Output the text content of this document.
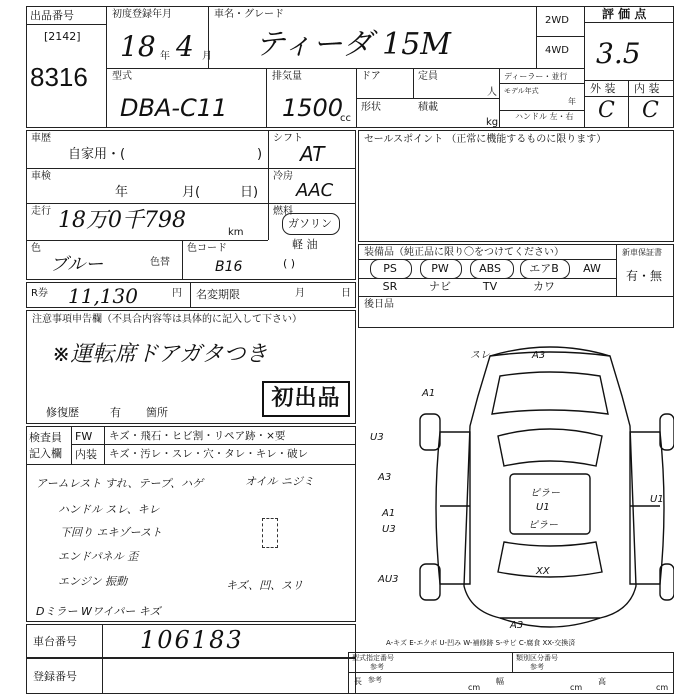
出品番号
[2142]
8316
初度登録年月
18 年 4 月
車名・グレード
ティーダ 15M
2WD
4WD
評 価 点
3.5
外 装 内 装
C C
型式
DBA-C11
排気量
1500
cc
ドア	定員
人
形状	積載
kg
ディーラー・並行
モデル年式
年
ハンドル 左・右
車歴
自家用・(	)
シフト
AT
車検
年	月(	日)
冷房
AAC
走行 18万0千798	km
燃料
ガソリン
軽 油
( )
色
ブルー	色替
色コード
B16
R券 11,130	円 名変期限	月	日
セールスポイント （正常に機能するものに限ります）
装備品（純正品に限り〇をつけてください）	新車保証書
有・無
PS	PW	ABS	エアB	AW
SR	ナビ	TV	カワ
後日品
注意事項申告欄（不具合内容等は具体的に記入して下さい）
※運転席ドアガタつき
初出品
修復歴	有 箇所
検査員
記入欄
FW
内装
キズ・飛石・ヒビ割・リペア跡・×要
キズ・汚レ・スレ・穴・タレ・キレ・破レ
アームレスト すれ、テープ、ハゲ	オイル ニジミ
ハンドル スレ、キレ
下回り エキゾースト
エンドパネル 歪
エンジン 振動	キズ、凹、スリ
Dミラー Wワイパー キズ
スレ	A3
A1
U1
U3
A3
A1
U3
AU3
XX
ピラー
U1
ピラー
A3
A-キズ E-エクボ U-凹み W-補修跡 S-サビ C-腐食 XX-交換済
車台番号	106183
登録番号
型式指定番号
参考
類別区分番号
参考
長 参考
cm
幅
cm
高
cm
